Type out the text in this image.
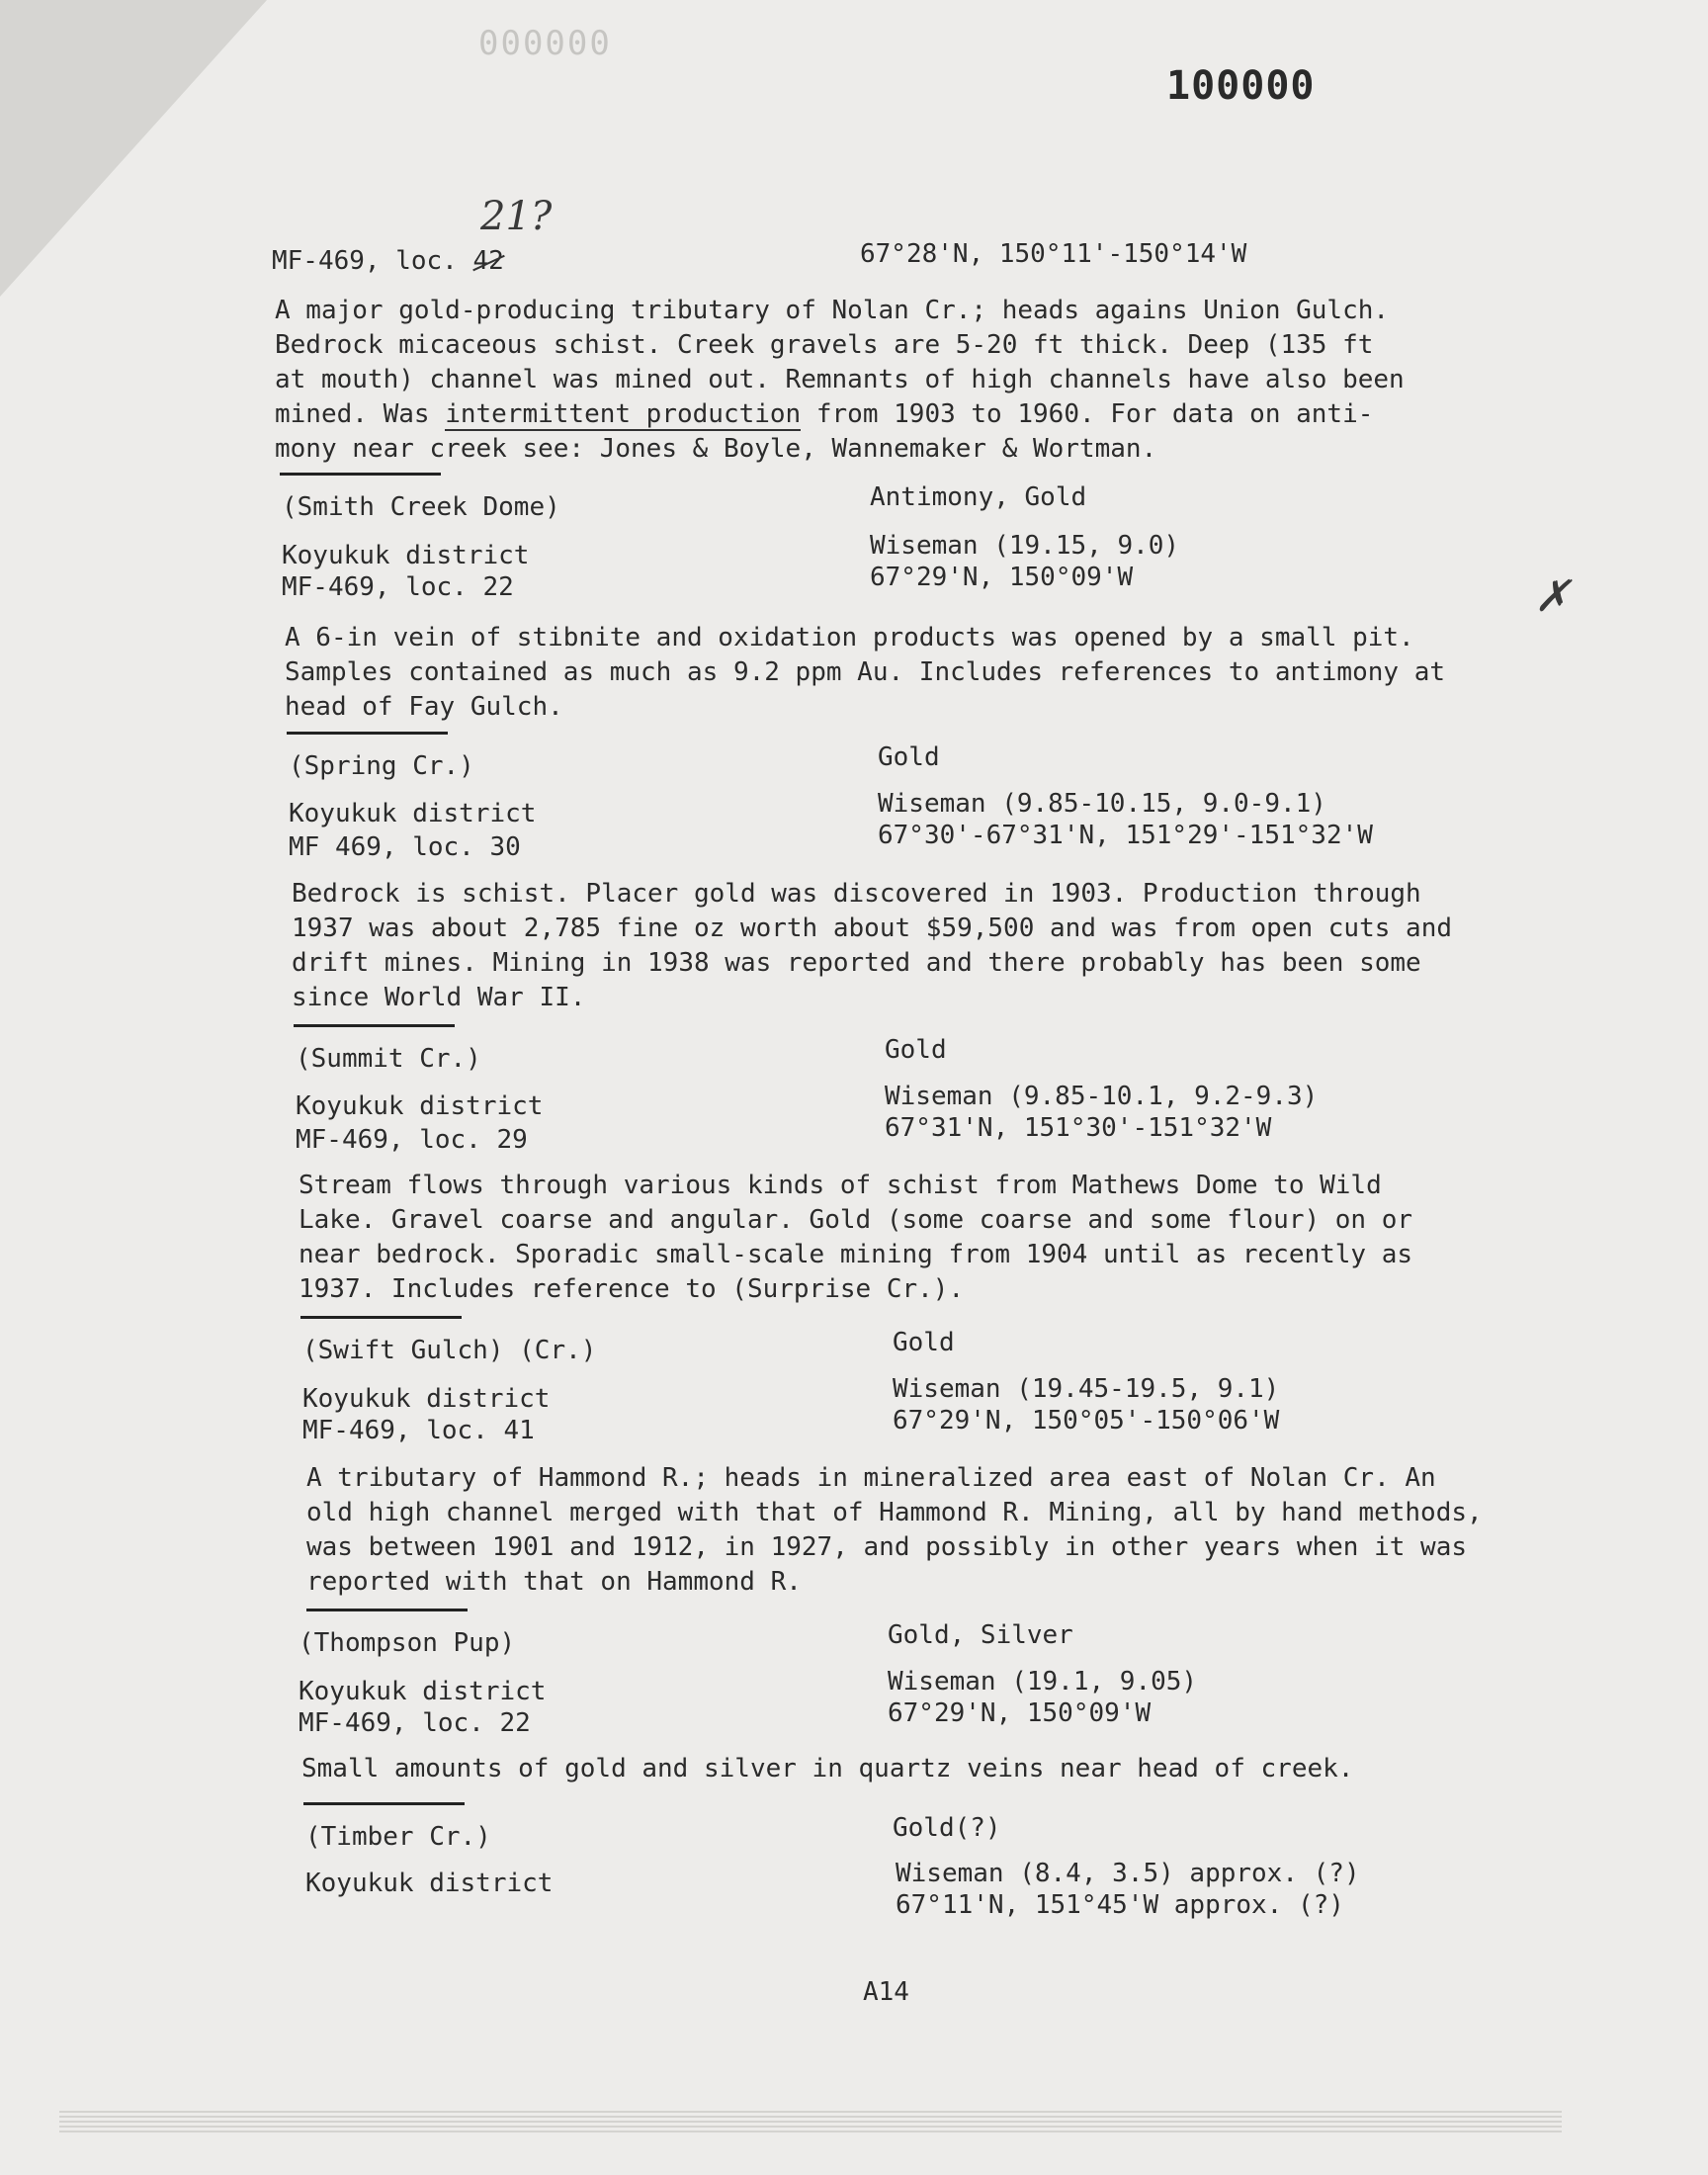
000000
100000
21?
✗
MF-469, loc. 42	67°28'N, 150°11'-150°14'W
A major gold-producing tributary of Nolan Cr.; heads agains Union Gulch.
Bedrock micaceous schist. Creek gravels are 5-20 ft thick. Deep (135 ft
at mouth) channel was mined out. Remnants of high channels have also been
mined. Was intermittent production from 1903 to 1960. For data on anti-
mony near creek see: Jones & Boyle, Wannemaker & Wortman.
(Smith Creek Dome)	Antimony, Gold
Koyukuk district
MF-469, loc. 22
Wiseman (19.15, 9.0)
67°29'N, 150°09'W
A 6-in vein of stibnite and oxidation products was opened by a small pit.
Samples contained as much as 9.2 ppm Au. Includes references to antimony at
head of Fay Gulch.
(Spring Cr.)	Gold
Koyukuk district
MF 469, loc. 30
Wiseman (9.85-10.15, 9.0-9.1)
67°30'-67°31'N, 151°29'-151°32'W
Bedrock is schist. Placer gold was discovered in 1903. Production through
1937 was about 2,785 fine oz worth about $59,500 and was from open cuts and
drift mines. Mining in 1938 was reported and there probably has been some
since World War II.
(Summit Cr.)	Gold
Koyukuk district
MF-469, loc. 29
Wiseman (9.85-10.1, 9.2-9.3)
67°31'N, 151°30'-151°32'W
Stream flows through various kinds of schist from Mathews Dome to Wild
Lake. Gravel coarse and angular. Gold (some coarse and some flour) on or
near bedrock. Sporadic small-scale mining from 1904 until as recently as
1937. Includes reference to (Surprise Cr.).
(Swift Gulch) (Cr.)	Gold
Koyukuk district
MF-469, loc. 41
Wiseman (19.45-19.5, 9.1)
67°29'N, 150°05'-150°06'W
A tributary of Hammond R.; heads in mineralized area east of Nolan Cr. An
old high channel merged with that of Hammond R. Mining, all by hand methods,
was between 1901 and 1912, in 1927, and possibly in other years when it was
reported with that on Hammond R.
(Thompson Pup)	Gold, Silver
Koyukuk district
MF-469, loc. 22
Wiseman (19.1, 9.05)
67°29'N, 150°09'W
Small amounts of gold and silver in quartz veins near head of creek.
(Timber Cr.)	Gold(?)
Koyukuk district	Wiseman (8.4, 3.5) approx. (?)
67°11'N, 151°45'W approx. (?)
A14
